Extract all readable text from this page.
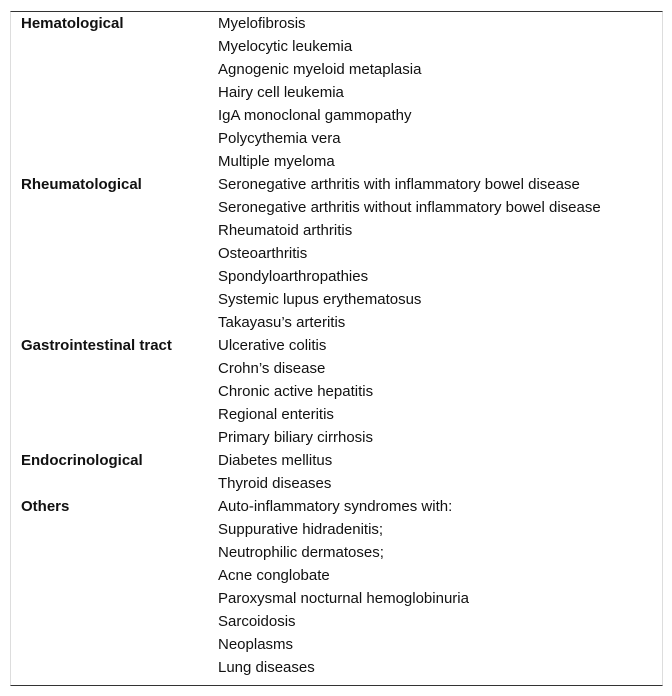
Hematological	Myelofibrosis
Myelocytic leukemia
Agnogenic myeloid metaplasia
Hairy cell leukemia
IgA monoclonal gammopathy
Polycythemia vera
Multiple myeloma
Rheumatological	Seronegative arthritis with inflammatory bowel disease
Seronegative arthritis without inflammatory bowel disease
Rheumatoid arthritis
Osteoarthritis
Spondyloarthropathies
Systemic lupus erythematosus
Takayasu’s arteritis
Gastrointestinal tract	Ulcerative colitis
Crohn’s disease
Chronic active hepatitis
Regional enteritis
Primary biliary cirrhosis
Endocrinological	Diabetes mellitus
Thyroid diseases
Others	Auto-inflammatory syndromes with:
Suppurative hidradenitis;
Neutrophilic dermatoses;
Acne conglobate
Paroxysmal nocturnal hemoglobinuria
Sarcoidosis
Neoplasms
Lung diseases
